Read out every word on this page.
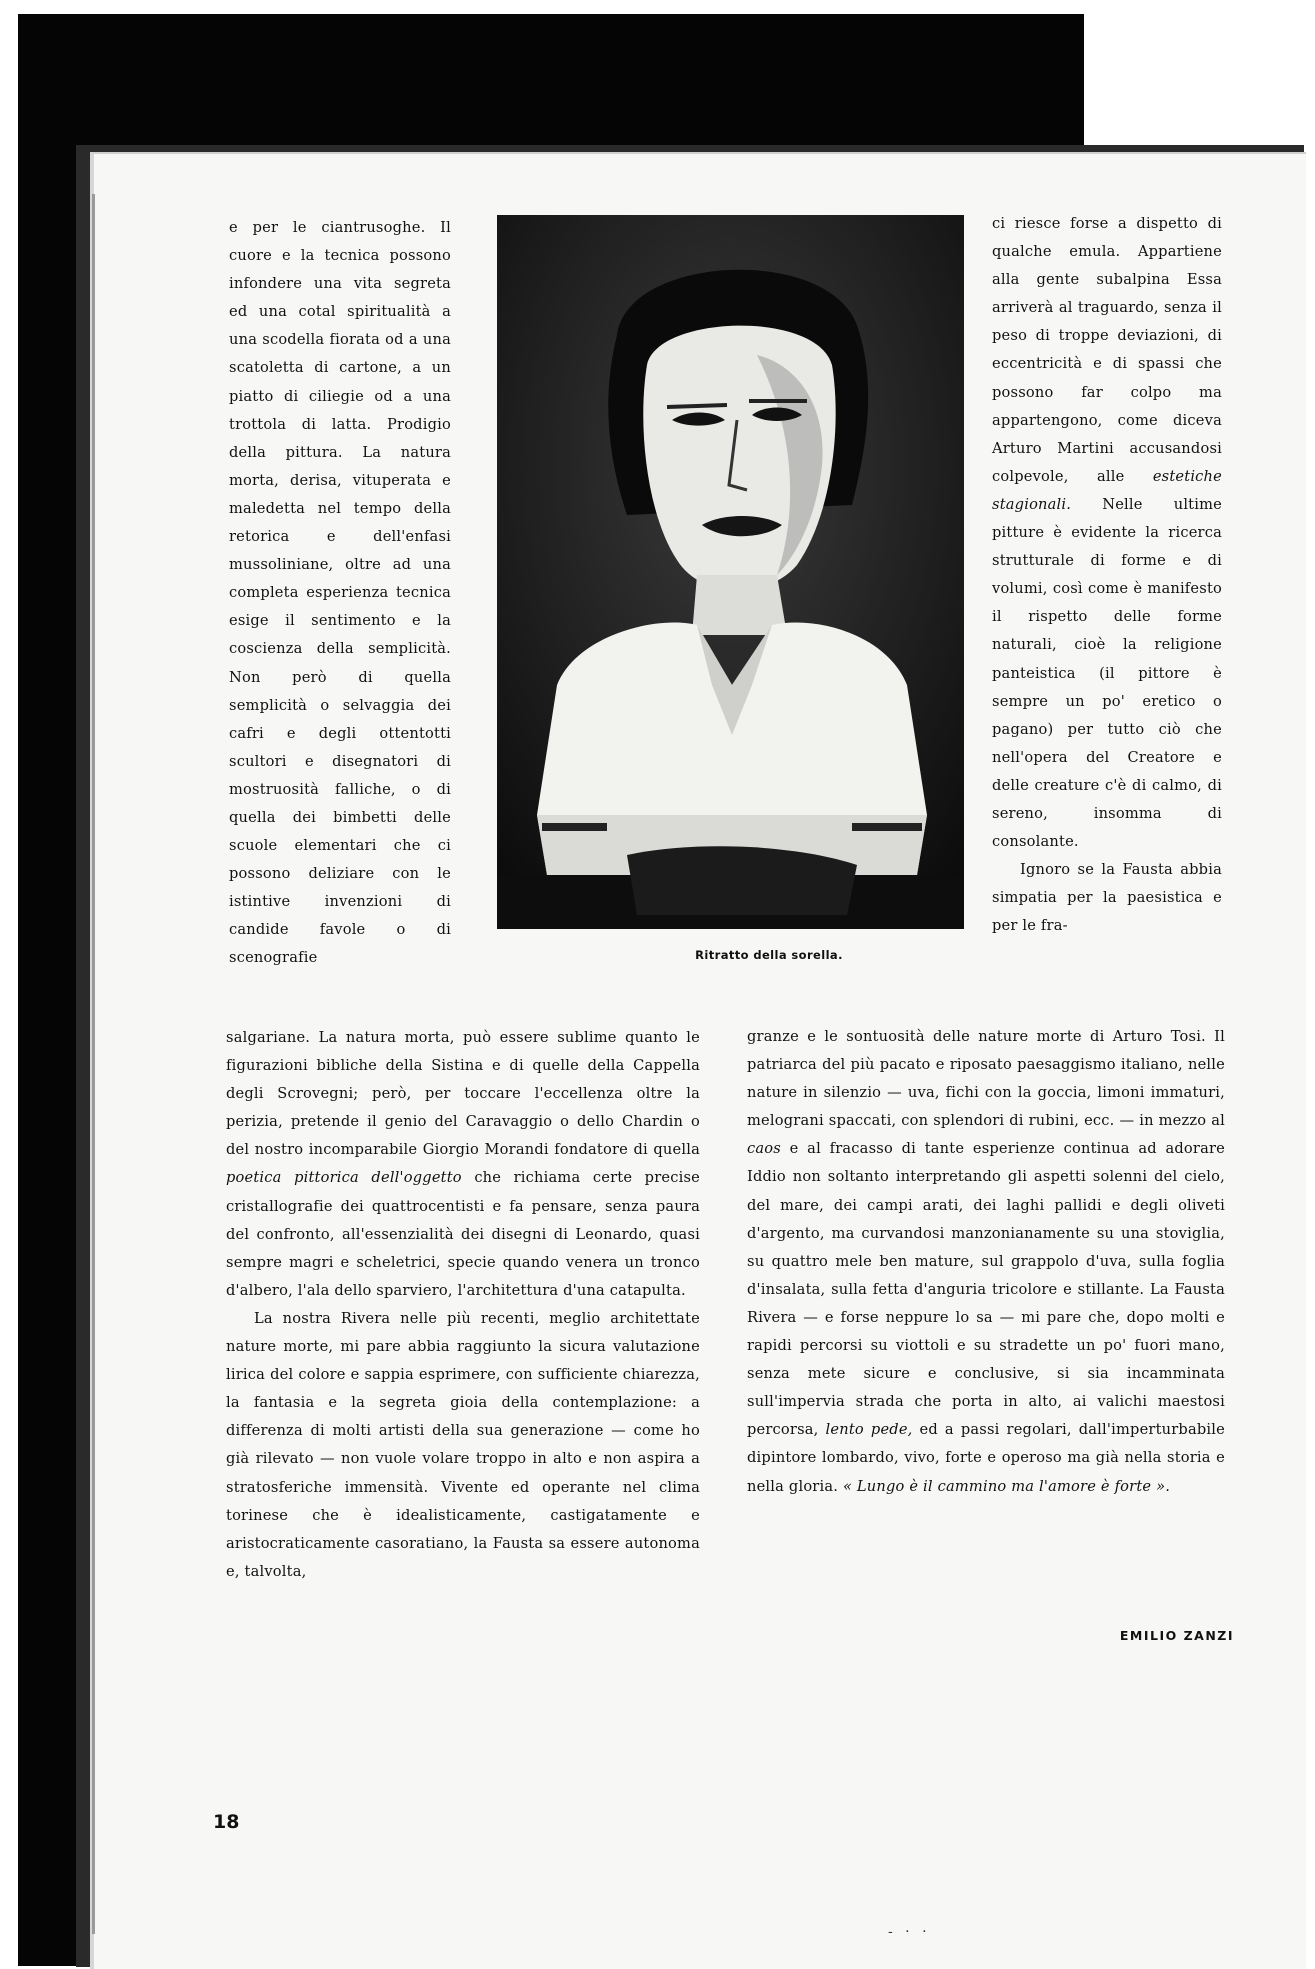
e per le ciantrusoghe. Il cuore e la tecnica possono infondere una vita segreta ed una cotal spiritualità a una scodella fiorata od a una scatoletta di cartone, a un piatto di ciliegie od a una trottola di latta. Prodigio della pittura. La natura morta, derisa, vituperata e maledetta nel tempo della retorica e dell'enfasi mussoliniane, oltre ad una completa esperienza tecnica esige il sentimento e la coscienza della semplicità. Non però di quella semplicità o selvaggia dei cafri e degli ottentotti scultori e disegnatori di mostruosità falliche, o di quella dei bimbetti delle scuole elementari che ci possono deliziare con le istintive invenzioni di candide favole o di scenografie	Ritratto della sorella.

ci riesce forse a dispetto di qualche emula. Appartiene alla gente subalpina Essa arriverà al traguardo, senza il peso di troppe deviazioni, di eccentricità e di spassi che possono far colpo ma appartengono, come diceva Arturo Martini accusandosi colpevole, alle estetiche stagionali. Nelle ultime pitture è evidente la ricerca strutturale di forme e di volumi, così come è manifesto il rispetto delle forme naturali, cioè la religione panteistica (il pittore è sempre un po' eretico o pagano) per tutto ciò che nell'opera del Creatore e delle creature c'è di calmo, di sereno, insomma di consolante.

Ignoro se la Fausta abbia simpatia per la paesistica e per le fra-

salgariane. La natura morta, può essere sublime quanto le figurazioni bibliche della Sistina e di quelle della Cappella degli Scrovegni; però, per toccare l'eccellenza oltre la perizia, pretende il genio del Caravaggio o dello Chardin o del nostro incomparabile Giorgio Morandi fondatore di quella poetica pittorica dell'oggetto che richiama certe precise cristallografie dei quattrocentisti e fa pensare, senza paura del confronto, all'essenzialità dei disegni di Leonardo, quasi sempre magri e scheletrici, specie quando venera un tronco d'albero, l'ala dello sparviero, l'architettura d'una catapulta.

La nostra Rivera nelle più recenti, meglio architettate nature morte, mi pare abbia raggiunto la sicura valutazione lirica del colore e sappia esprimere, con sufficiente chiarezza, la fantasia e la segreta gioia della contemplazione: a differenza di molti artisti della sua generazione — come ho già rilevato — non vuole volare troppo in alto e non aspira a stratosferiche immensità. Vivente ed operante nel clima torinese che è idealisticamente, castigatamente e aristocraticamente casoratiano, la Fausta sa essere autonoma e, talvolta,

granze e le sontuosità delle nature morte di Arturo Tosi. Il patriarca del più pacato e riposato paesaggismo italiano, nelle nature in silenzio — uva, fichi con la goccia, limoni immaturi, melograni spaccati, con splendori di rubini, ecc. — in mezzo al caos e al fracasso di tante esperienze continua ad adorare Iddio non soltanto interpretando gli aspetti solenni del cielo, del mare, dei campi arati, dei laghi pallidi e degli oliveti d'argento, ma curvandosi manzonianamente su una stoviglia, su quattro mele ben mature, sul grappolo d'uva, sulla foglia d'insalata, sulla fetta d'anguria tricolore e stillante. La Fausta Rivera — e forse neppure lo sa — mi pare che, dopo molti e rapidi percorsi su viottoli e su stradette un po' fuori mano, senza mete sicure e conclusive, si sia incamminata sull'impervia strada che porta in alto, ai valichi maestosi percorsa, lento pede, ed a passi regolari, dall'imperturbabile dipintore lombardo, vivo, forte e operoso ma già nella storia e nella gloria. « Lungo è il cammino ma l'amore è forte ».

EMILIO ZANZI
18
- · ·
